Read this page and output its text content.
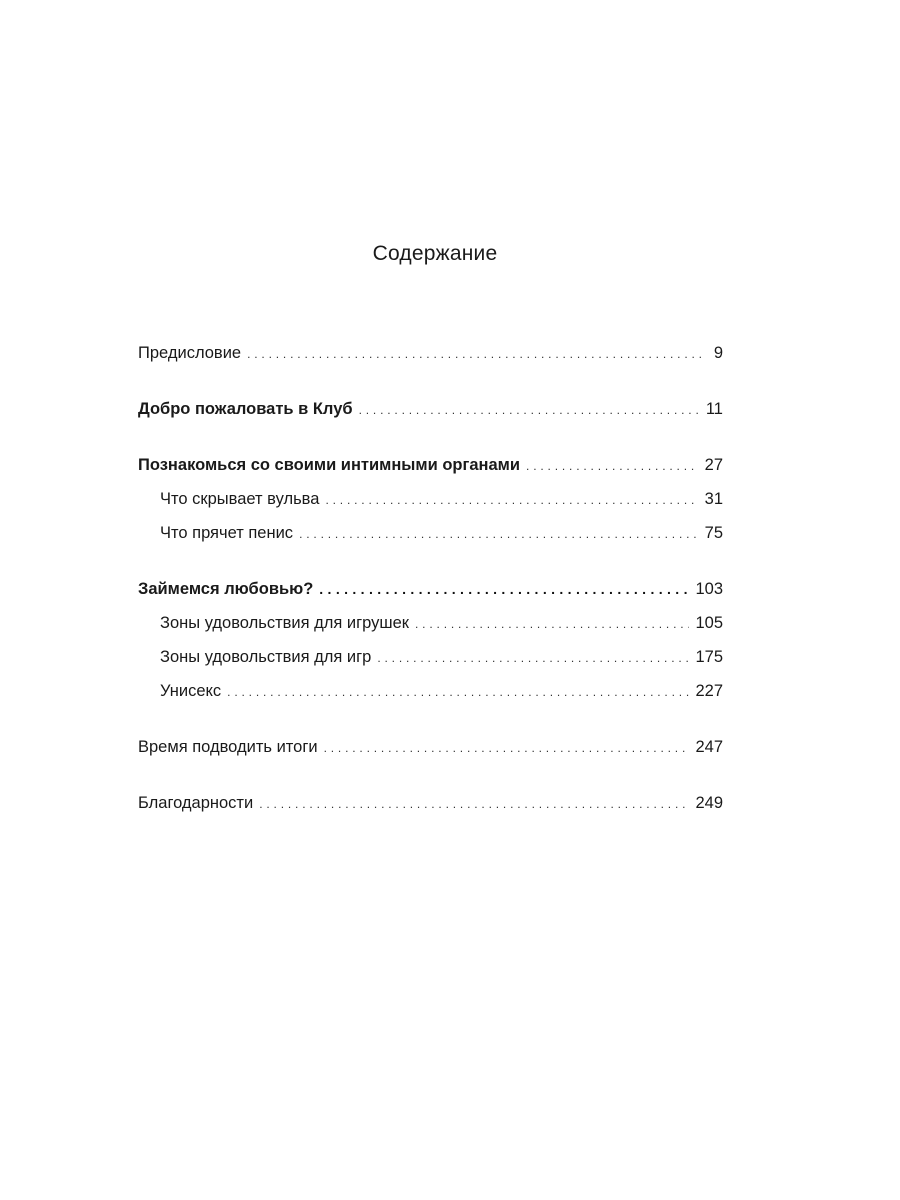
Содержание
Предисловие . . .	9
Добро пожаловать в Клуб . . .	11
Познакомься со своими интимными органами . . .	27
Что скрывает вульва . . .	31
Что прячет пенис . . .	75
Займемся любовью? . . .	103
Зоны удовольствия для игрушек . . .	105
Зоны удовольствия для игр . . .	175
Унисекс . . .	227
Время подводить итоги . . .	247
Благодарности . . .	249
